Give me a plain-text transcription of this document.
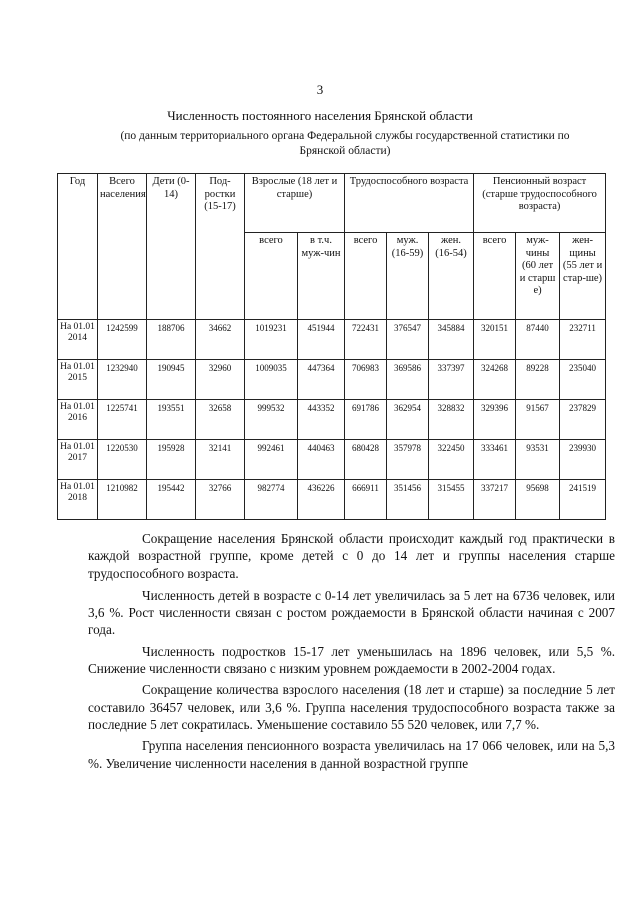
3
Численность постоянного населения Брянской области
(по данным территориального органа Федеральной службы государственной статистики по Брянской области)
Год	Всего населения	Дети (0-14)	Под-ростки (15-17)	Взрослые (18 лет и старше)		Трудоспособного возраста			Пенсионный возраст (старше трудоспособного возраста)		
				всего	в т.ч. муж-чин	всего	муж. (16-59)	жен. (16-54)	всего	муж-чины (60 лет и старш е)	жен-щины (55 лет и стар-ше)
На 01.01 2014	1242599	188706	34662	1019231	451944	722431	376547	345884	320151	87440	232711
На 01.01 2015	1232940	190945	32960	1009035	447364	706983	369586	337397	324268	89228	235040
На 01.01 2016	1225741	193551	32658	999532	443352	691786	362954	328832	329396	91567	237829
На 01.01 2017	1220530	195928	32141	992461	440463	680428	357978	322450	333461	93531	239930
На 01.01 2018	1210982	195442	32766	982774	436226	666911	351456	315455	337217	95698	241519

Сокращение населения Брянской области происходит каждый год практически в каждой возрастной группе, кроме детей с 0 до 14 лет и группы населения старше трудоспособного возраста.

Численность детей в возрасте с 0-14 лет увеличилась за 5 лет на 6736 человек, или 3,6 %. Рост численности связан с ростом рождаемости в Брянской области начиная с 2007 года.

Численность подростков 15-17 лет уменьшилась на 1896 человек, или 5,5 %. Снижение численности связано с низким уровнем рождаемости в 2002-2004 годах.

Сокращение количества взрослого населения (18 лет и старше) за последние 5 лет составило 36457 человек, или 3,6 %. Группа населения трудоспособного возраста также за последние 5 лет сократилась. Уменьшение составило 55 520 человек, или 7,7 %.

Группа населения пенсионного возраста увеличилась на 17 066 человек, или на 5,3 %. Увеличение численности населения в данной возрастной группе
